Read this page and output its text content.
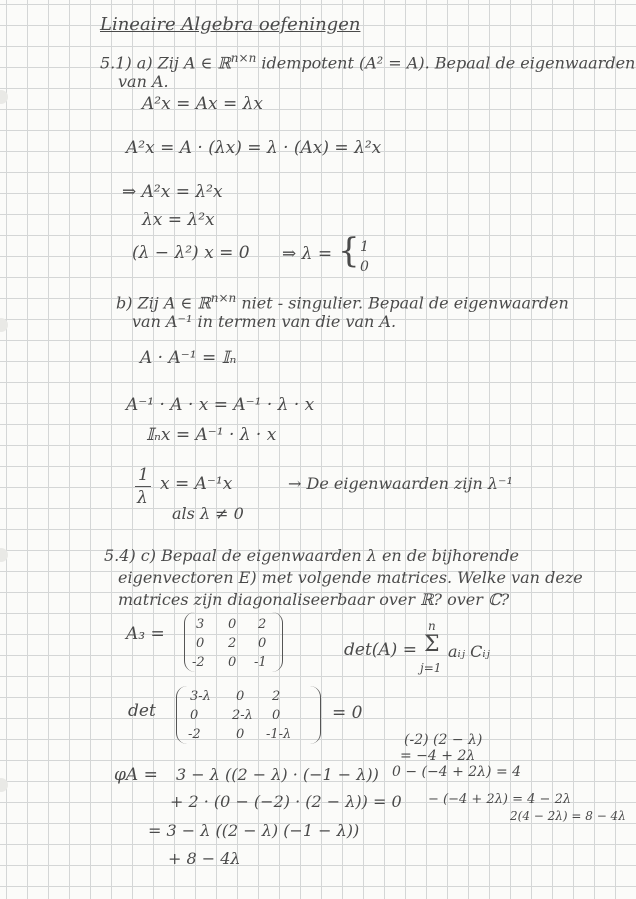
Lineaire Algebra oefeningen
5.1) a) Zij A ∈ ℝ$^{n\times n}$ idempotent (A² = A). Bepaal de eigenwaarden
van A.
A²x = Ax = λx
A²x = A · (λx) = λ · (Ax) = λ²x
⇒ A²x = λ²x
λx = λ²x
(λ − λ²) x = 0 ⇒ λ = { 1
0
b) Zij A ∈ ℝ$^{n\times n}$ niet - singulier. Bepaal de eigenwaarden
van A⁻¹ in termen van die van A.
A · A⁻¹ = 𝕀ₙ
A⁻¹ · A · x = A⁻¹ · λ · x
𝕀ₙx = A⁻¹ · λ · x
1
λ
x = A⁻¹x	→ De eigenwaarden zijn λ⁻¹
als λ ≠ 0
5.4) c) Bepaal de eigenwaarden λ en de bijhorende
eigenvectoren E) met volgende matrices. Welke van deze
matrices zijn diagonaliseerbaar over ℝ? over ℂ?
A₃ = 3 0 2
0 2 0
-2 0 -1
det(A) =
n
Σ
j=1
aᵢⱼ Cᵢⱼ
det
3-λ 0 2
0	2-λ 0
-2	0 -1-λ
= 0
(-2) (2 − λ)
= −4 + 2λ
0 − (−4 + 2λ) = 4
− (−4 + 2λ) = 4 − 2λ
2(4 − 2λ) = 8 − 4λ
φA = 3 − λ ((2 − λ) · (−1 − λ))
+ 2 · (0 − (−2) · (2 − λ)) = 0
= 3 − λ ((2 − λ) (−1 − λ))
+ 8 − 4λ
